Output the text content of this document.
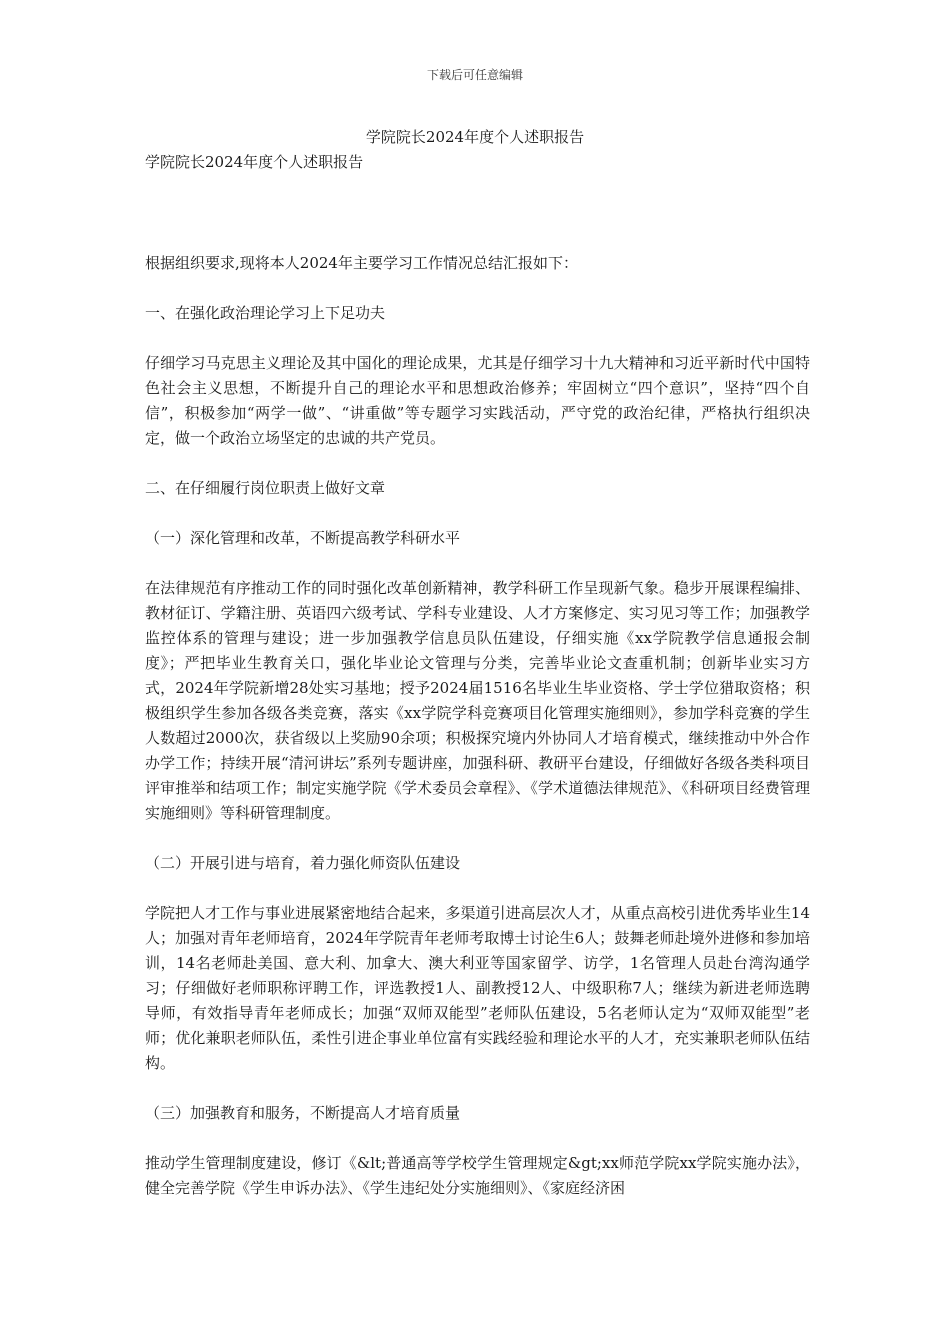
下载后可任意编辑
学院院长2024年度个人述职报告

学院院长2024年度个人述职报告

根据组织要求,现将本人2024年主要学习工作情况总结汇报如下：

一、在强化政治理论学习上下足功夫

仔细学习马克思主义理论及其中国化的理论成果，尤其是仔细学习十九大精神和习近平新时代中国特色社会主义思想，不断提升自己的理论水平和思想政治修养；牢固树立“四个意识”，坚持“四个自信”，积极参加“两学一做”、“讲重做”等专题学习实践活动，严守党的政治纪律，严格执行组织决定，做一个政治立场坚定的忠诚的共产党员。

二、在仔细履行岗位职责上做好文章

（一）深化管理和改革，不断提高教学科研水平

在法律规范有序推动工作的同时强化改革创新精神，教学科研工作呈现新气象。稳步开展课程编排、教材征订、学籍注册、英语四六级考试、学科专业建设、人才方案修定、实习见习等工作；加强教学监控体系的管理与建设；进一步加强教学信息员队伍建设，仔细实施《xx学院教学信息通报会制度》；严把毕业生教育关口，强化毕业论文管理与分类，完善毕业论文查重机制；创新毕业实习方式，2024年学院新增28处实习基地；授予2024届1516名毕业生毕业资格、学士学位猎取资格；积极组织学生参加各级各类竞赛，落实《xx学院学科竞赛项目化管理实施细则》，参加学科竞赛的学生人数超过2000次，获省级以上奖励90余项；积极探究境内外协同人才培育模式，继续推动中外合作办学工作；持续开展“清河讲坛”系列专题讲座，加强科研、教研平台建设，仔细做好各级各类科项目评审推举和结项工作；制定实施学院《学术委员会章程》、《学术道德法律规范》、《科研项目经费管理实施细则》等科研管理制度。

（二）开展引进与培育，着力强化师资队伍建设

学院把人才工作与事业进展紧密地结合起来，多渠道引进高层次人才，从重点高校引进优秀毕业生14人；加强对青年老师培育，2024年学院青年老师考取博士讨论生6人；鼓舞老师赴境外进修和参加培训，14名老师赴美国、意大利、加拿大、澳大利亚等国家留学、访学，1名管理人员赴台湾沟通学习；仔细做好老师职称评聘工作，评选教授1人、副教授12人、中级职称7人；继续为新进老师选聘导师，有效指导青年老师成长；加强“双师双能型”老师队伍建设，5名老师认定为“双师双能型”老师；优化兼职老师队伍，柔性引进企事业单位富有实践经验和理论水平的人才，充实兼职老师队伍结构。

（三）加强教育和服务，不断提高人才培育质量

推动学生管理制度建设，修订《&lt;普通高等学校学生管理规定&gt;xx师范学院xx学院实施办法》，健全完善学院《学生申诉办法》、《学生违纪处分实施细则》、《家庭经济困
